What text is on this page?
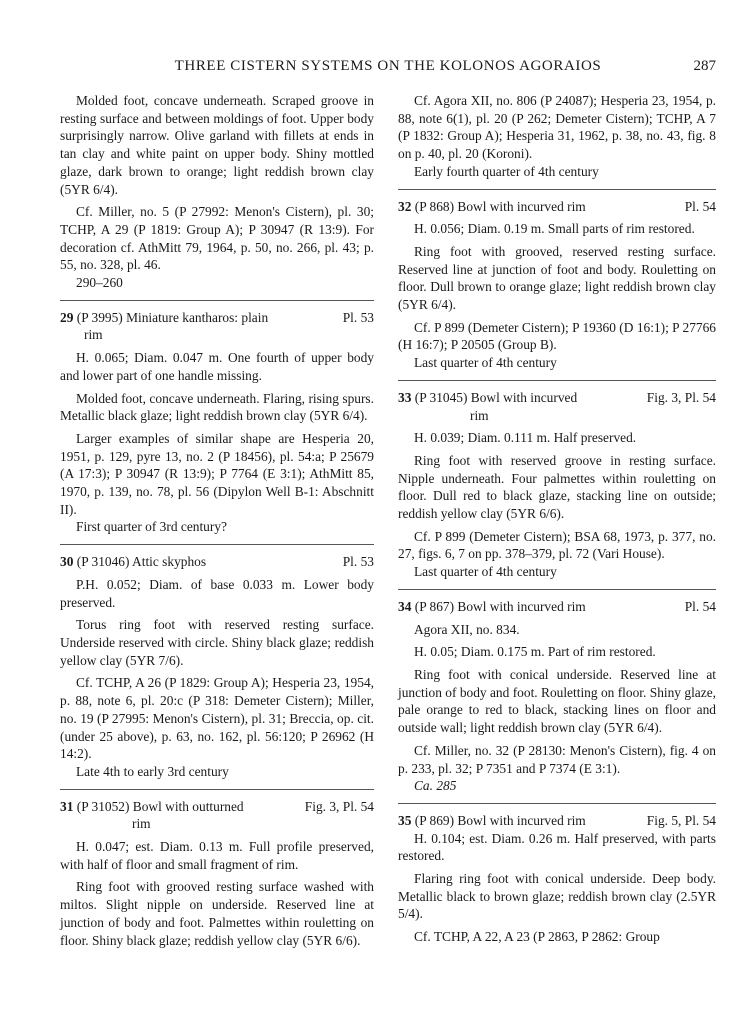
THREE CISTERN SYSTEMS ON THE KOLONOS AGORAIOS	287

Molded foot, concave underneath. Scraped groove in resting surface and between moldings of foot. Upper body surprisingly narrow. Olive garland with fillets at ends in tan clay and white paint on upper body. Shiny mottled glaze, dark brown to orange; light reddish brown clay (5YR 6/4).

Cf. Miller, no. 5 (P 27992: Menon's Cistern), pl. 30; TCHP, A 29 (P 1819: Group A); P 30947 (R 13:9). For decoration cf. AthMitt 79, 1964, p. 50, no. 266, pl. 43; p. 55, no. 328, pl. 46.

290–260

29 (P 3995) Miniature kantharos: plain	Pl. 53

rim

H. 0.065; Diam. 0.047 m. One fourth of upper body and lower part of one handle missing.

Molded foot, concave underneath. Flaring, rising spurs. Metallic black glaze; light reddish brown clay (5YR 6/4).

Larger examples of similar shape are Hesperia 20, 1951, p. 129, pyre 13, no. 2 (P 18456), pl. 54:a; P 25679 (A 17:3); P 30947 (R 13:9); P 7764 (E 3:1); AthMitt 85, 1970, p. 139, no. 78, pl. 56 (Dipylon Well B-1: Abschnitt II).

First quarter of 3rd century?

30 (P 31046) Attic skyphos	Pl. 53

P.H. 0.052; Diam. of base 0.033 m. Lower body preserved.

Torus ring foot with reserved resting surface. Underside reserved with circle. Shiny black glaze; reddish yellow clay (5YR 7/6).

Cf. TCHP, A 26 (P 1829: Group A); Hesperia 23, 1954, p. 88, note 6, pl. 20:c (P 318: Demeter Cistern); Miller, no. 19 (P 27995: Menon's Cistern), pl. 31; Breccia, op. cit. (under 25 above), p. 63, no. 162, pl. 56:120; P 26962 (H 14:2).

Late 4th to early 3rd century

31 (P 31052) Bowl with outturned	Fig. 3, Pl. 54

rim

H. 0.047; est. Diam. 0.13 m. Full profile preserved, with half of floor and small fragment of rim.

Ring foot with grooved resting surface washed with miltos. Slight nipple on underside. Reserved line at junction of body and foot. Palmettes within rouletting on floor. Shiny black glaze; reddish yellow clay (5YR 6/6).

Cf. Agora XII, no. 806 (P 24087); Hesperia 23, 1954, p. 88, note 6(1), pl. 20 (P 262; Demeter Cistern); TCHP, A 7 (P 1832: Group A); Hesperia 31, 1962, p. 38, no. 43, fig. 8 on p. 40, pl. 20 (Koroni).

Early fourth quarter of 4th century

32 (P 868) Bowl with incurved rim	Pl. 54

H. 0.056; Diam. 0.19 m. Small parts of rim restored.

Ring foot with grooved, reserved resting surface. Reserved line at junction of foot and body. Rouletting on floor. Dull brown to orange glaze; light reddish brown clay (5YR 6/4).

Cf. P 899 (Demeter Cistern); P 19360 (D 16:1); P 27766 (H 16:7); P 20505 (Group B).

Last quarter of 4th century

33 (P 31045) Bowl with incurved	Fig. 3, Pl. 54

rim

H. 0.039; Diam. 0.111 m. Half preserved.

Ring foot with reserved groove in resting surface. Nipple underneath. Four palmettes within rouletting on floor. Dull red to black glaze, stacking line on outside; reddish yellow clay (5YR 6/6).

Cf. P 899 (Demeter Cistern); BSA 68, 1973, p. 377, no. 27, figs. 6, 7 on pp. 378–379, pl. 72 (Vari House).

Last quarter of 4th century

34 (P 867) Bowl with incurved rim	Pl. 54

Agora XII, no. 834.

H. 0.05; Diam. 0.175 m. Part of rim restored.

Ring foot with conical underside. Reserved line at junction of body and foot. Rouletting on floor. Shiny glaze, pale orange to red to black, stacking lines on floor and outside wall; light reddish brown clay (5YR 6/4).

Cf. Miller, no. 32 (P 28130: Menon's Cistern), fig. 4 on p. 233, pl. 32; P 7351 and P 7374 (E 3:1).

Ca. 285

35 (P 869) Bowl with incurved rim	Fig. 5, Pl. 54

H. 0.104; est. Diam. 0.26 m. Half preserved, with parts restored.

Flaring ring foot with conical underside. Deep body. Metallic black to brown glaze; reddish brown clay (2.5YR 5/4).

Cf. TCHP, A 22, A 23 (P 2863, P 2862: Group
